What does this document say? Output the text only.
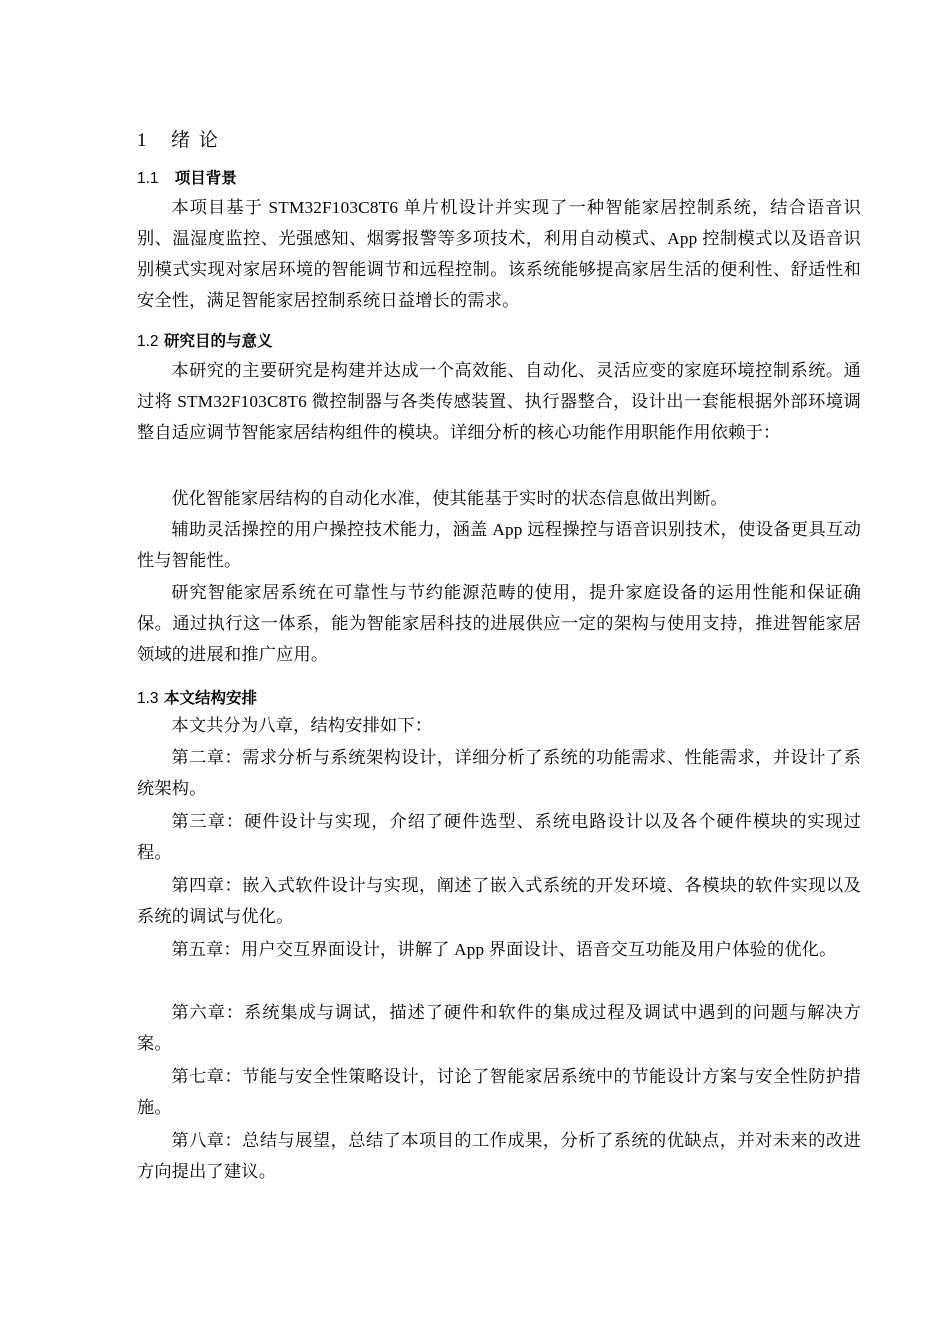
1 绪 论
1.1 项目背景
本项目基于 STM32F103C8T6 单片机设计并实现了一种智能家居控制系统，结合语音识别、温湿度监控、光强感知、烟雾报警等多项技术，利用自动模式、App 控制模式以及语音识别模式实现对家居环境的智能调节和远程控制。该系统能够提高家居生活的便利性、舒适性和安全性，满足智能家居控制系统日益增长的需求。
1.2 研究目的与意义
本研究的主要研究是构建并达成一个高效能、自动化、灵活应变的家庭环境控制系统。通过将 STM32F103C8T6 微控制器与各类传感装置、执行器整合，设计出一套能根据外部环境调整自适应调节智能家居结构组件的模块。详细分析的核心功能作用职能作用依赖于：
优化智能家居结构的自动化水准，使其能基于实时的状态信息做出判断。
辅助灵活操控的用户操控技术能力，涵盖 App 远程操控与语音识别技术，使设备更具互动性与智能性。
研究智能家居系统在可靠性与节约能源范畴的使用，提升家庭设备的运用性能和保证确保。通过执行这一体系，能为智能家居科技的进展供应一定的架构与使用支持，推进智能家居领域的进展和推广应用。
1.3 本文结构安排
本文共分为八章，结构安排如下：
第二章：需求分析与系统架构设计，详细分析了系统的功能需求、性能需求，并设计了系统架构。
第三章：硬件设计与实现，介绍了硬件选型、系统电路设计以及各个硬件模块的实现过程。
第四章：嵌入式软件设计与实现，阐述了嵌入式系统的开发环境、各模块的软件实现以及系统的调试与优化。
第五章：用户交互界面设计，讲解了 App 界面设计、语音交互功能及用户体验的优化。
第六章：系统集成与调试，描述了硬件和软件的集成过程及调试中遇到的问题与解决方案。
第七章：节能与安全性策略设计，讨论了智能家居系统中的节能设计方案与安全性防护措施。
第八章：总结与展望，总结了本项目的工作成果，分析了系统的优缺点，并对未来的改进方向提出了建议。
